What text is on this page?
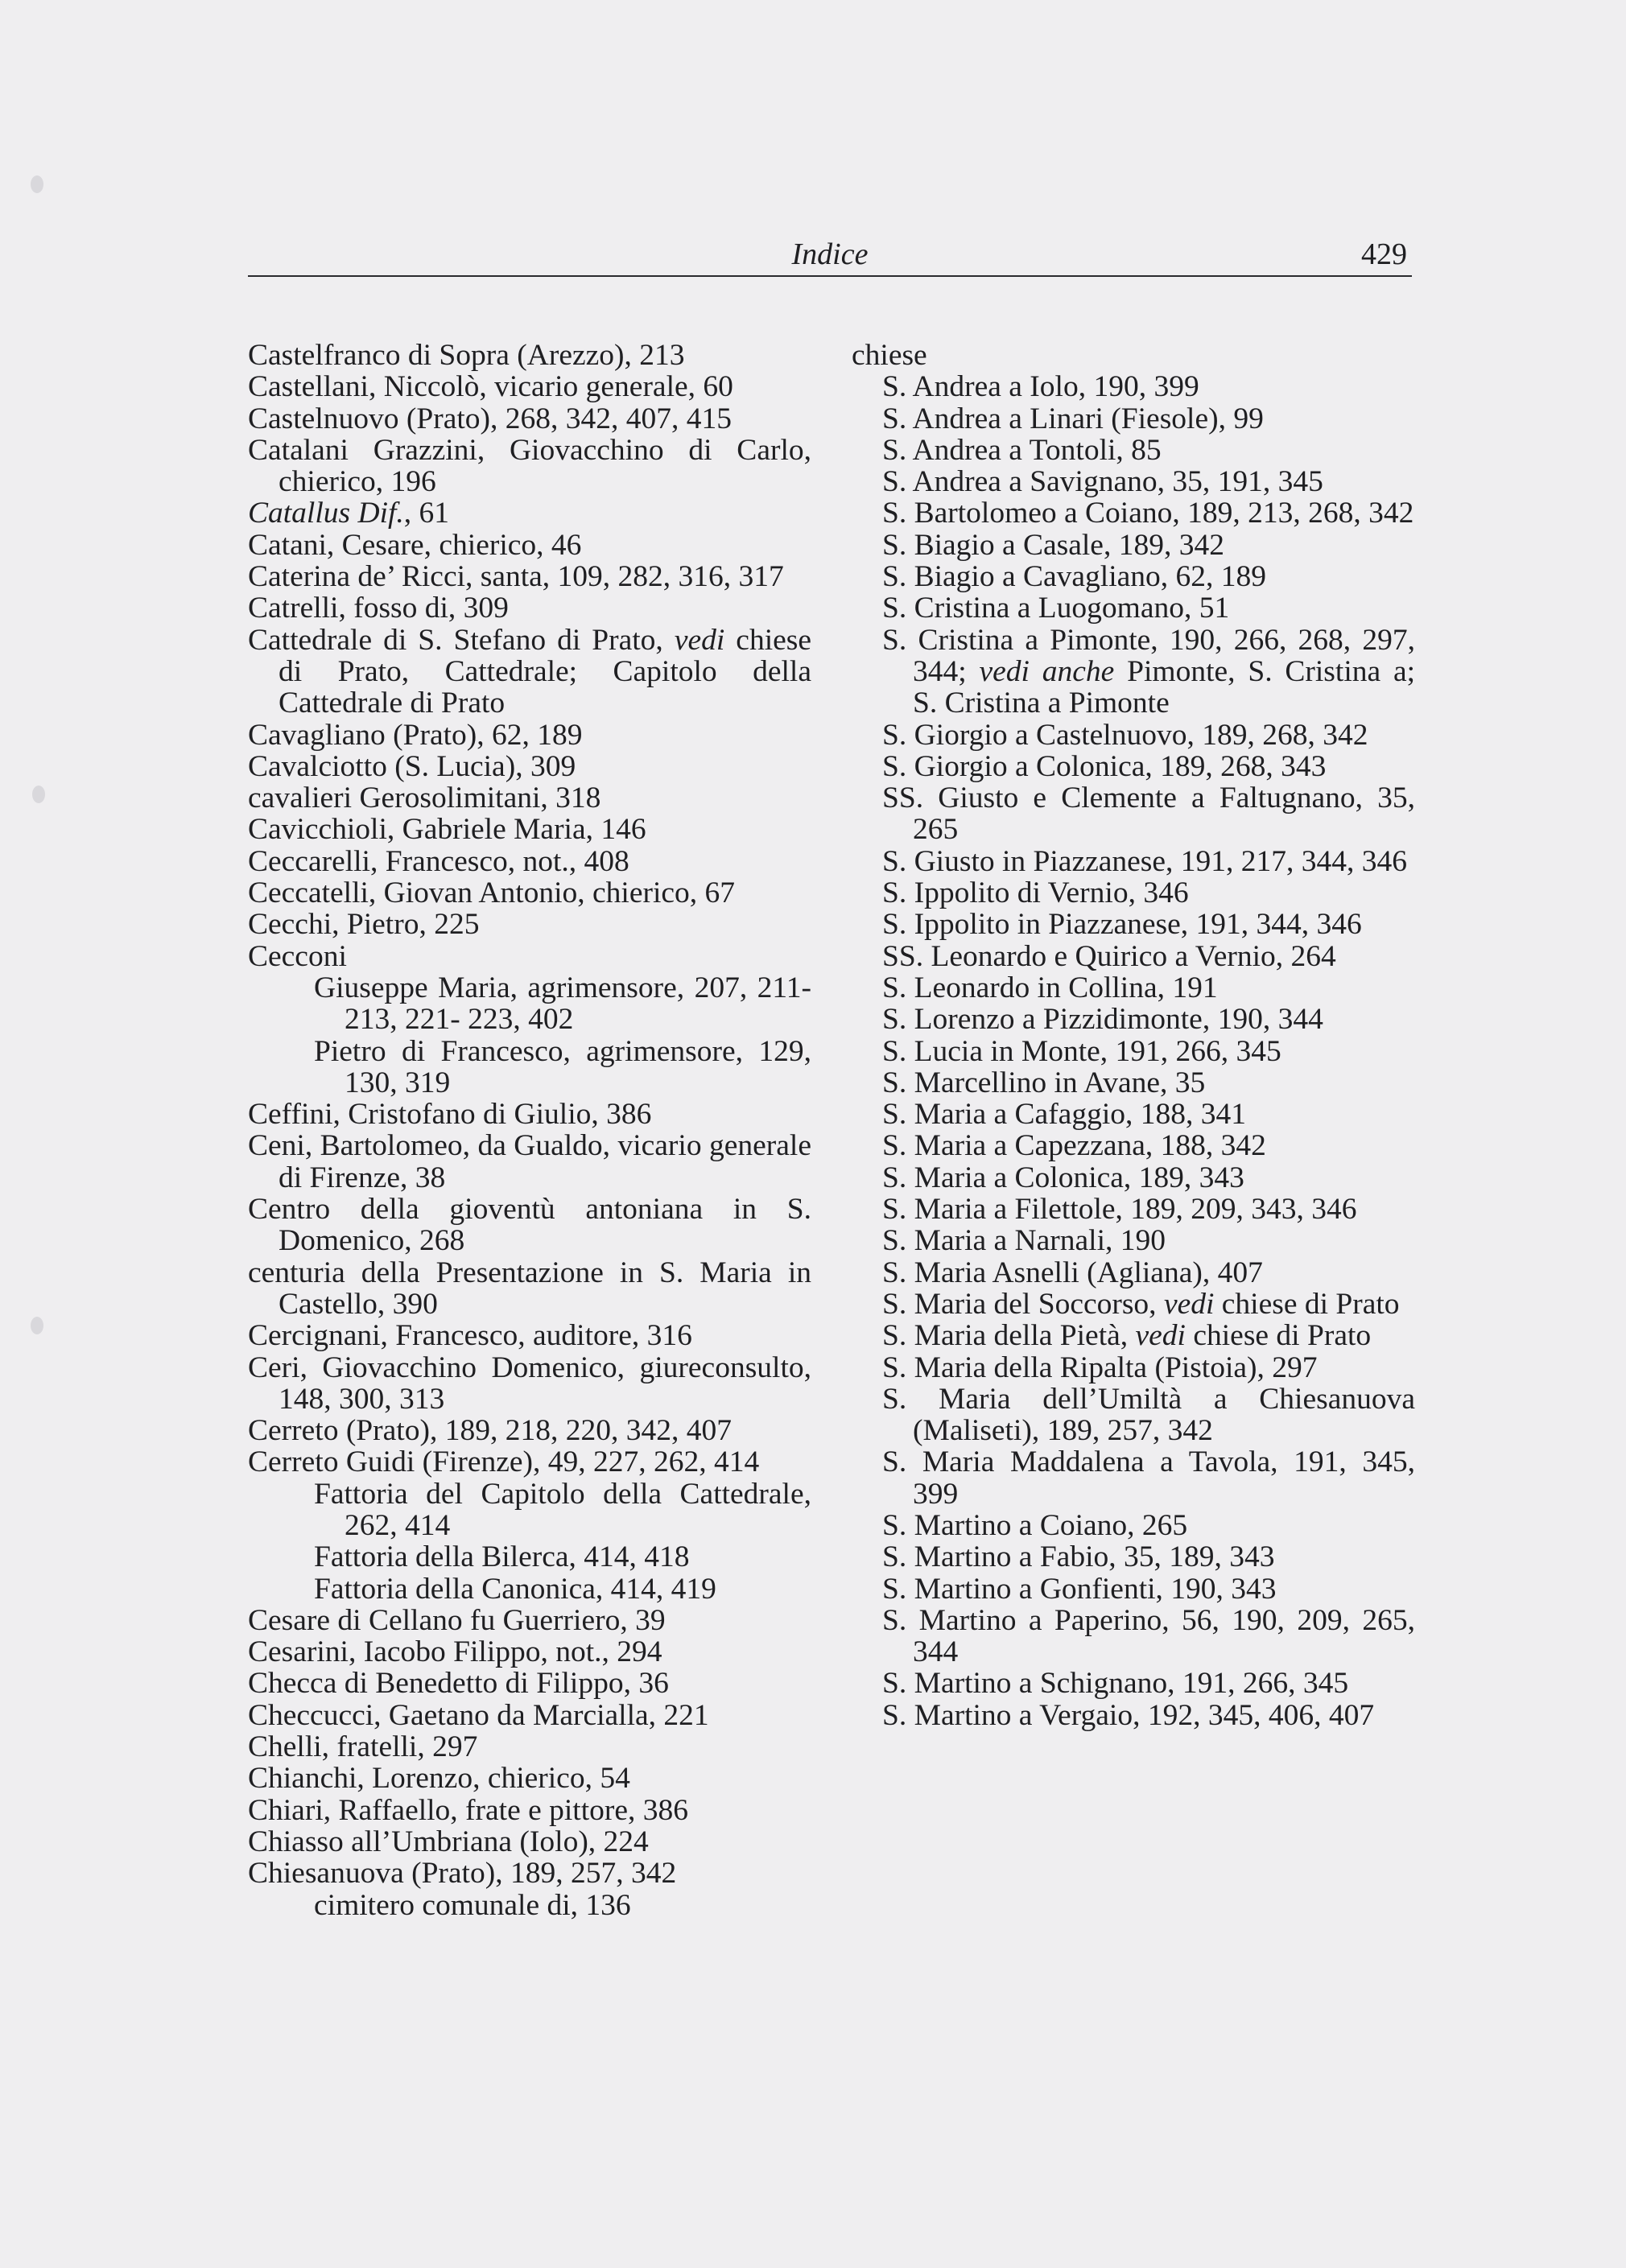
Indice	429
Castelfranco di Sopra (Arezzo), 213
Castellani, Niccolò, vicario generale, 60
Castelnuovo (Prato), 268, 342, 407, 415
Catalani Grazzini, Giovacchino di Carlo, chierico, 196
Catallus Dif., 61
Catani, Cesare, chierico, 46
Caterina de’ Ricci, santa, 109, 282, 316, 317
Catrelli, fosso di, 309
Cattedrale di S. Stefano di Prato, vedi chiese di Prato, Cattedrale; Capitolo della Cattedrale di Prato
Cavagliano (Prato), 62, 189
Cavalciotto (S. Lucia), 309
cavalieri Gerosolimitani, 318
Cavicchioli, Gabriele Maria, 146
Ceccarelli, Francesco, not., 408
Ceccatelli, Giovan Antonio, chierico, 67
Cecchi, Pietro, 225
Cecconi
Giuseppe Maria, agrimensore, 207, 211-213, 221- 223, 402
Pietro di Francesco, agrimensore, 129, 130, 319
Ceffini, Cristofano di Giulio, 386
Ceni, Bartolomeo, da Gualdo, vicario generale di Firenze, 38
Centro della gioventù antoniana in S. Domenico, 268
centuria della Presentazione in S. Maria in Castello, 390
Cercignani, Francesco, auditore, 316
Ceri, Giovacchino Domenico, giureconsulto, 148, 300, 313
Cerreto (Prato), 189, 218, 220, 342, 407
Cerreto Guidi (Firenze), 49, 227, 262, 414
Fattoria del Capitolo della Cattedrale, 262, 414
Fattoria della Bilerca, 414, 418
Fattoria della Canonica, 414, 419
Cesare di Cellano fu Guerriero, 39
Cesarini, Iacobo Filippo, not., 294
Checca di Benedetto di Filippo, 36
Checcucci, Gaetano da Marcialla, 221
Chelli, fratelli, 297
Chianchi, Lorenzo, chierico, 54
Chiari, Raffaello, frate e pittore, 386
Chiasso all’Umbriana (Iolo), 224
Chiesanuova (Prato), 189, 257, 342
cimitero comunale di, 136
chiese
S. Andrea a Iolo, 190, 399
S. Andrea a Linari (Fiesole), 99
S. Andrea a Tontoli, 85
S. Andrea a Savignano, 35, 191, 345
S. Bartolomeo a Coiano, 189, 213, 268, 342
S. Biagio a Casale, 189, 342
S. Biagio a Cavagliano, 62, 189
S. Cristina a Luogomano, 51
S. Cristina a Pimonte, 190, 266, 268, 297, 344; vedi anche Pimonte, S. Cristina a; S. Cristina a Pimonte
S. Giorgio a Castelnuovo, 189, 268, 342
S. Giorgio a Colonica, 189, 268, 343
SS. Giusto e Clemente a Faltugnano, 35, 265
S. Giusto in Piazzanese, 191, 217, 344, 346
S. Ippolito di Vernio, 346
S. Ippolito in Piazzanese, 191, 344, 346
SS. Leonardo e Quirico a Vernio, 264
S. Leonardo in Collina, 191
S. Lorenzo a Pizzidimonte, 190, 344
S. Lucia in Monte, 191, 266, 345
S. Marcellino in Avane, 35
S. Maria a Cafaggio, 188, 341
S. Maria a Capezzana, 188, 342
S. Maria a Colonica, 189, 343
S. Maria a Filettole, 189, 209, 343, 346
S. Maria a Narnali, 190
S. Maria Asnelli (Agliana), 407
S. Maria del Soccorso, vedi chiese di Prato
S. Maria della Pietà, vedi chiese di Prato
S. Maria della Ripalta (Pistoia), 297
S. Maria dell’Umiltà a Chiesanuova (Maliseti), 189, 257, 342
S. Maria Maddalena a Tavola, 191, 345, 399
S. Martino a Coiano, 265
S. Martino a Fabio, 35, 189, 343
S. Martino a Gonfienti, 190, 343
S. Martino a Paperino, 56, 190, 209, 265, 344
S. Martino a Schignano, 191, 266, 345
S. Martino a Vergaio, 192, 345, 406, 407
